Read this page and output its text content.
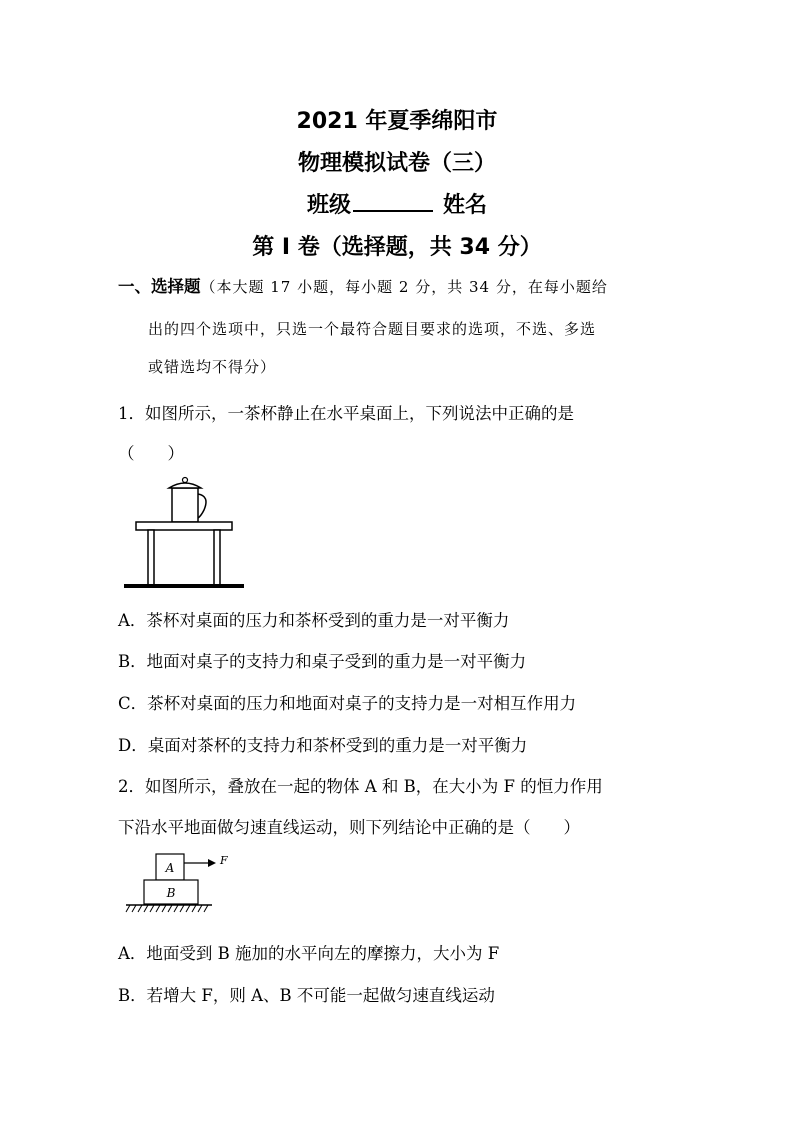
2021 年夏季绵阳市
物理模拟试卷（三）
班级	姓名
第 I 卷（选择题，共 34 分）
一、选择题（本大题 17 小题，每小题 2 分，共 34 分，在每小题给
出的四个选项中，只选一个最符合题目要求的选项，不选、多选
或错选均不得分）
1．如图所示，一茶杯静止在水平桌面上，下列说法中正确的是
（　　）
A．茶杯对桌面的压力和茶杯受到的重力是一对平衡力
B．地面对桌子的支持力和桌子受到的重力是一对平衡力
C．茶杯对桌面的压力和地面对桌子的支持力是一对相互作用力
D．桌面对茶杯的支持力和茶杯受到的重力是一对平衡力
2．如图所示，叠放在一起的物体 A 和 B，在大小为 F 的恒力作用
下沿水平地面做匀速直线运动，则下列结论中正确的是（　　）
A
F
B
A．地面受到 B 施加的水平向左的摩擦力，大小为 F
B．若增大 F，则 A、B 不可能一起做匀速直线运动
